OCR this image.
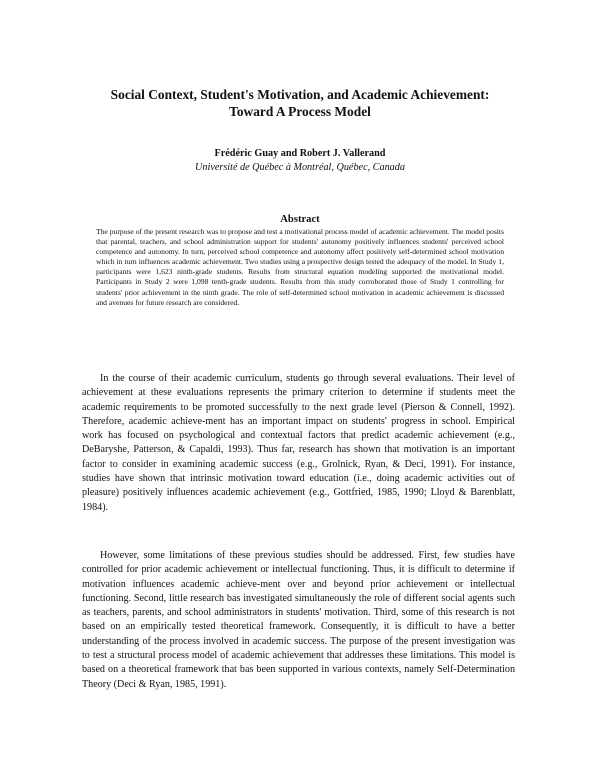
Social Context, Student's Motivation, and Academic Achievement:
Toward A Process Model
Frédéric Guay and Robert J. Vallerand
Université de Québec à Montréal, Québec, Canada
Abstract
The purpose of the present research was to propose and test a motivational process model of academic achievement. The model posits that parental, teachers, and school administration support for students' autonomy positively influences students' perceived school competence and autonomy. In turn, perceived school competence and autonomy affect positively self-determined school motivation which in turn influences academic achievement. Two studies using a prospective design tested the adequacy of the model. In Study 1, participants were 1,623 ninth-grade students. Results from structural equation modeling supported the motivational model. Participants in Study 2 were 1,098 tenth-grade students. Results from this study corroborated those of Study 1 controlling for students' prior achievement in the ninth grade. The role of self-determined school motivation in academic achievement is discussed and avenues for future research are considered.

In the course of their academic curriculum, students go through several evaluations. Their level of achievement at these evaluations represents the primary criterion to determine if students meet the academic requirements to be promoted successfully to the next grade level (Pierson & Connell, 1992). Therefore, academic achieve-ment has an important impact on students' progress in school. Empirical work has focused on psychological and contextual factors that predict academic achievement (e.g., DeBaryshe, Patterson, & Capaldi, 1993). Thus far, research has shown that motivation is an important factor to consider in examining academic success (e.g., Grolnick, Ryan, & Deci, 1991). For instance, studies have shown that intrinsic motivation toward education (i.e., doing academic activities out of pleasure) positively influences academic achievement (e.g., Gottfried, 1985, 1990; Lloyd & Barenblatt, 1984).

However, some limitations of these previous studies should be addressed. First, few studies have controlled for prior academic achievement or intellectual functioning. Thus, it is difficult to determine if motivation influences academic achieve-ment over and beyond prior achievement or intellectual functioning. Second, little research bas investigated simultaneously the role of different social agents such as teachers, parents, and school administrators in students' motivation. Third, some of this research is not based on an empirically tested theoretical framework. Consequently, it is difficult to have a better understanding of the process involved in academic success. The purpose of the present investigation was to test a structural process model of academic achievement that addresses these limitations. This model is based on a theoretical framework that bas been supported in various contexts, namely Self-Determination Theory (Deci & Ryan, 1985, 1991).
